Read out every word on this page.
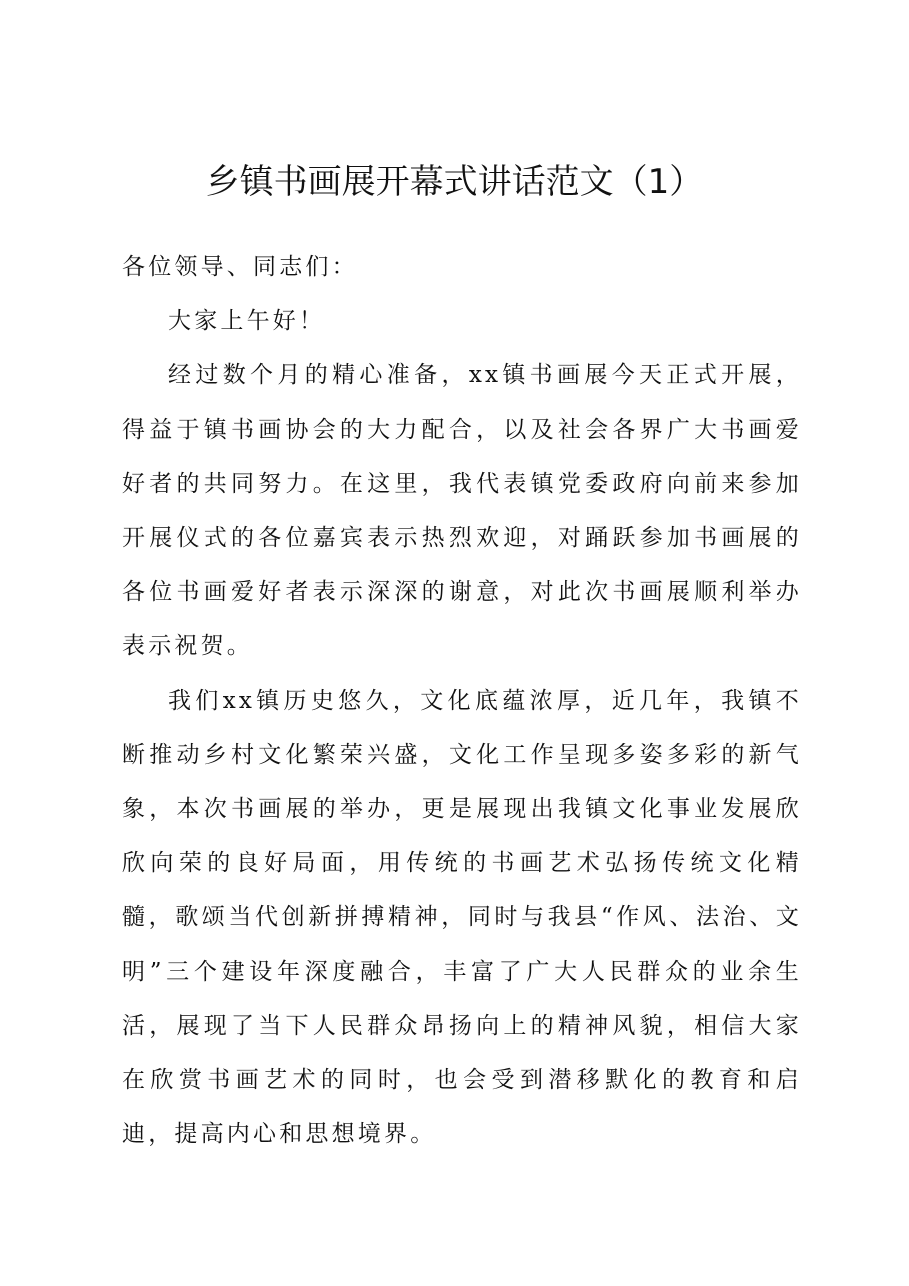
乡镇书画展开幕式讲话范文（1）

各位领导、同志们：

大家上午好！

经过数个月的精心准备，xx镇书画展今天正式开展，得益于镇书画协会的大力配合，以及社会各界广大书画爱好者的共同努力。在这里，我代表镇党委政府向前来参加开展仪式的各位嘉宾表示热烈欢迎，对踊跃参加书画展的各位书画爱好者表示深深的谢意，对此次书画展顺利举办表示祝贺。

我们xx镇历史悠久，文化底蕴浓厚，近几年，我镇不断推动乡村文化繁荣兴盛，文化工作呈现多姿多彩的新气象，本次书画展的举办，更是展现出我镇文化事业发展欣欣向荣的良好局面，用传统的书画艺术弘扬传统文化精髓，歌颂当代创新拼搏精神，同时与我县“作风、法治、文明”三个建设年深度融合，丰富了广大人民群众的业余生活，展现了当下人民群众昂扬向上的精神风貌，相信大家在欣赏书画艺术的同时，也会受到潜移默化的教育和启迪，提高内心和思想境界。
